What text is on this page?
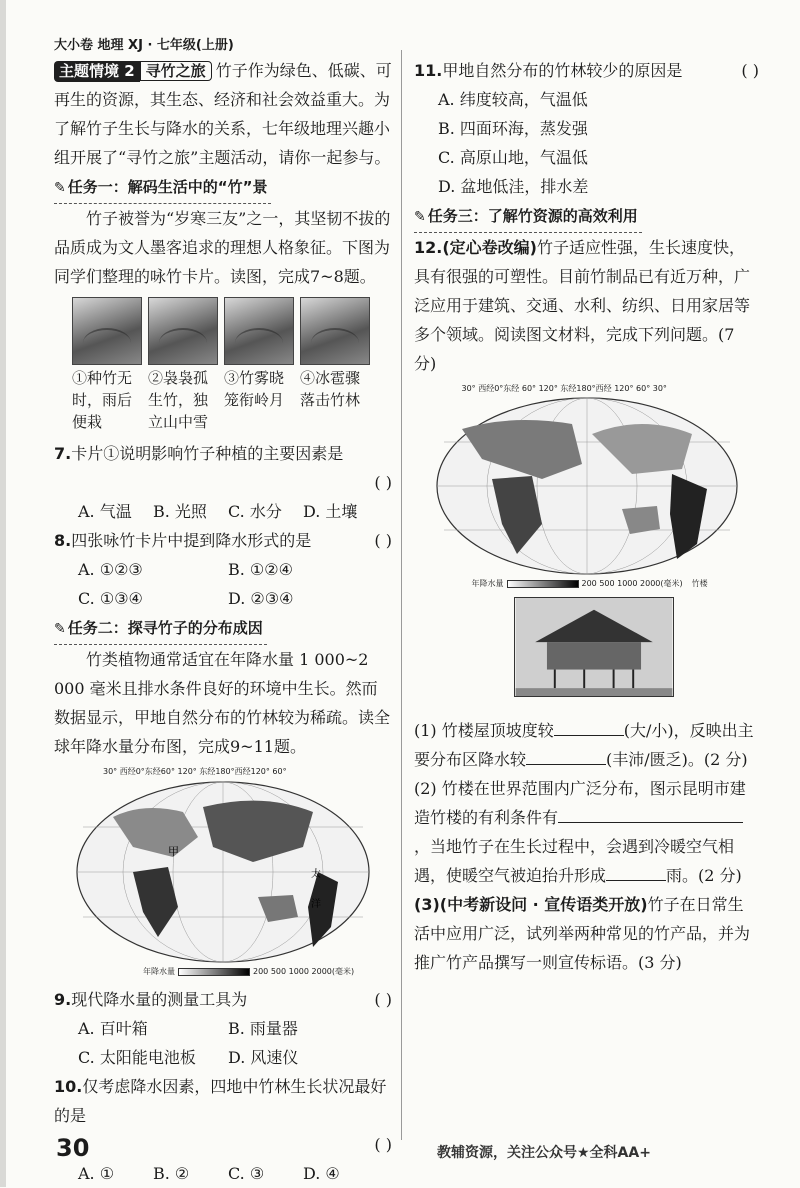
大小卷 地理 XJ · 七年级(上册)

主题情境 2 寻竹之旅 竹子作为绿色、低碳、可再生的资源，其生态、经济和社会效益重大。为了解竹子生长与降水的关系，七年级地理兴趣小组开展了“寻竹之旅”主题活动，请你一起参与。

✎ 任务一：解码生活中的“竹”景

竹子被誉为“岁寒三友”之一，其坚韧不拔的品质成为文人墨客追求的理想人格象征。下图为同学们整理的咏竹卡片。读图，完成7~8题。

①种竹无时，雨后便栽
②袅袅孤生竹，独立山中雪
③竹雾晓笼衔岭月
④冰雹骤落击竹林

7.卡片①说明影响竹子种植的主要因素是

( )
A. 气温	B. 光照	C. 水分	D. 土壤

8.四张咏竹卡片中提到降水形式的是	( )

A. ①②③	B. ①②④
C. ①③④	D. ②③④
✎ 任务二：探寻竹子的分布成因

竹类植物通常适宜在年降水量 1 000~2 000 毫米且排水条件良好的环境中生长。然而数据显示，甲地自然分布的竹林较为稀疏。读全球年降水量分布图，完成9~11题。

30° 西经0°东经60° 120° 东经180°西经120° 60°
甲
太
洋
年降水量	200 500 1000 2000(毫米)

9.现代降水量的测量工具为	( )

A. 百叶箱	B. 雨量器
C. 太阳能电池板	D. 风速仪

10.仅考虑降水因素，四地中竹林生长状况最好的是

( )
A. ①	B. ②	C. ③	D. ④

11.甲地自然分布的竹林较少的原因是	( )

A. 纬度较高，气温低
B. 四面环海，蒸发强
C. 高原山地，气温低
D. 盆地低洼，排水差
✎ 任务三：了解竹资源的高效利用

12.(定心卷改编)竹子适应性强，生长速度快，具有很强的可塑性。目前竹制品已有近万种，广泛应用于建筑、交通、水利、纺织、日用家居等多个领域。阅读图文材料，完成下列问题。(7 分)

30° 西经0°东经 60° 120° 东经180°西经 120° 60° 30°
年降水量	200 500 1000 2000(毫米) 竹楼

(1) 竹楼屋顶坡度较	(大/小)，反映出主要分布区降水较	(丰沛/匮乏)。(2 分)

(2) 竹楼在世界范围内广泛分布，图示昆明市建造竹楼的有利条件有，当地竹子在生长过程中，会遇到冷暖空气相遇，使暖空气被迫抬升形成	雨。(2 分)

(3)(中考新设问 · 宣传语类开放)竹子在日常生活中应用广泛，试列举两种常见的竹产品，并为推广竹产品撰写一则宣传标语。(3 分)

30	教辅资源，关注公众号★全科AA+
